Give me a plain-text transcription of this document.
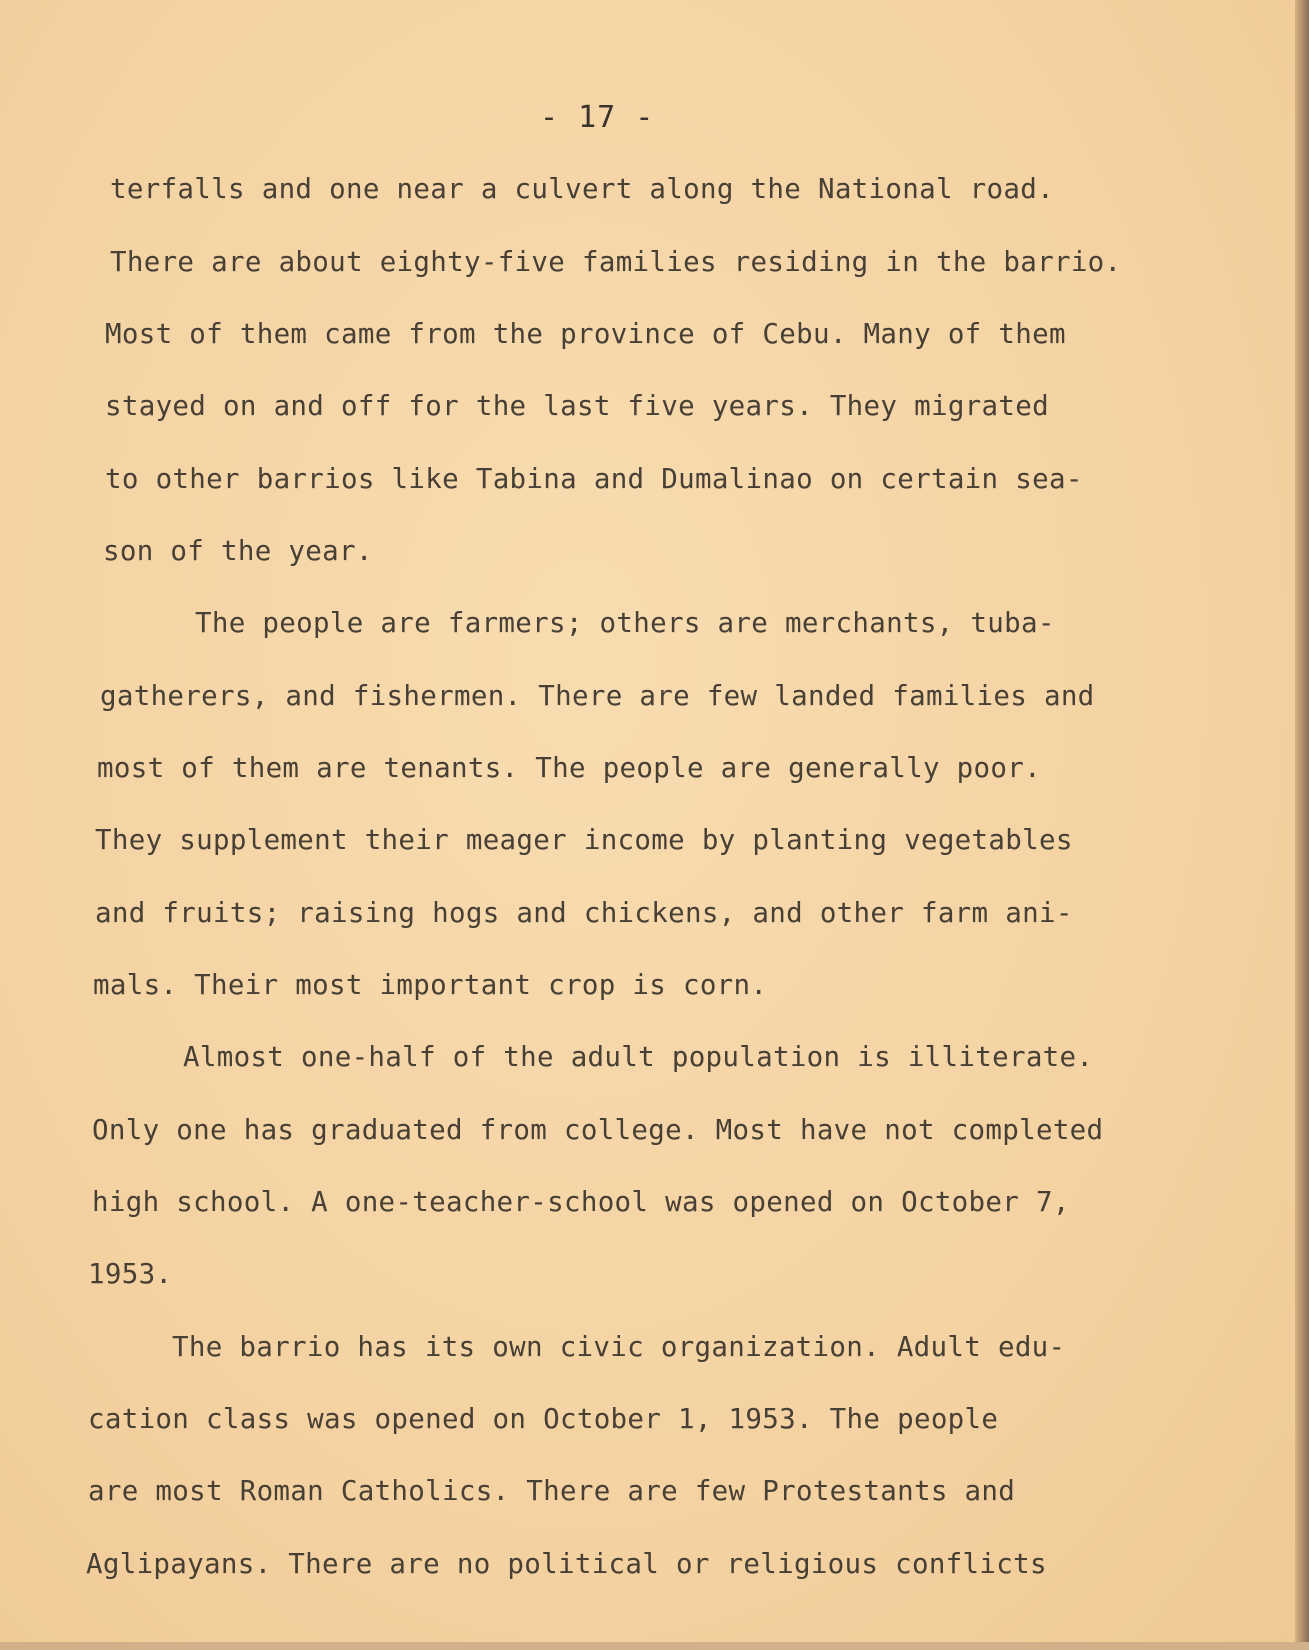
- 17 -
terfalls and one near a culvert along the National road.
There are about eighty-five families residing in the barrio.
Most of them came from the province of Cebu. Many of them
stayed on and off for the last five years. They migrated
to other barrios like Tabina and Dumalinao on certain sea-
son of the year.
The people are farmers; others are merchants, tuba-
gatherers, and fishermen. There are few landed families and
most of them are tenants. The people are generally poor.
They supplement their meager income by planting vegetables
and fruits; raising hogs and chickens, and other farm ani-
mals. Their most important crop is corn.
Almost one-half of the adult population is illiterate.
Only one has graduated from college. Most have not completed
high school. A one-teacher-school was opened on October 7,
1953.
The barrio has its own civic organization. Adult edu-
cation class was opened on October 1, 1953. The people
are most Roman Catholics. There are few Protestants and
Aglipayans. There are no political or religious conflicts
